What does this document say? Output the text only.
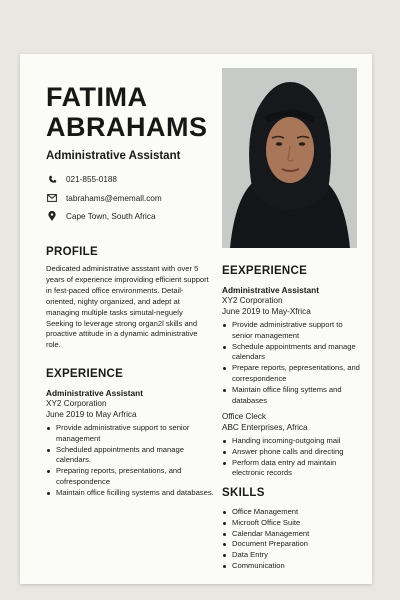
FATIMA
ABRAHAMS
Administrative Assistant
021-855-0188
tabrahams@ememall.com
Cape Town, South Africa
PROFILE
Dedicated administrative assstant with over 5 years of experience improviding efficient support in fest-paced office environments. Detail-oriented, nighty organized, and adept at managing multiple tasks simutal-neguely Seeking to leverage strong organ2l skills and proactive attitude in a dynamic administrative role.
EXPERIENCE
Administrative Assistant
XY2 Corporation
June 2019 to May Arfrica
Provide administrative support to senior management
Scheduled appointments and manage calendars.
Preparing reports, presentations, and cofrespondence
Maintain office ficilling systems and databases.
EEXPERIENCE
Administrative Assistant
XY2 Corporation
June 2019 to May-Xfrica
Provide administrative support to senior management
Schedule appointments and manage calendars
Prepare reports, pepresentations, and correspondence
Maintain office filing syttems and databases
Office Cleck
ABC Enterprises, Africa
Handing incoming-outgoing mail
Answer phone calls and directing
Perform data entry ad maintain electronic records
SKILLS
Office Management
Microoft Office Suite
Calendar Management
Document Preparation
Data Entry
Communication
